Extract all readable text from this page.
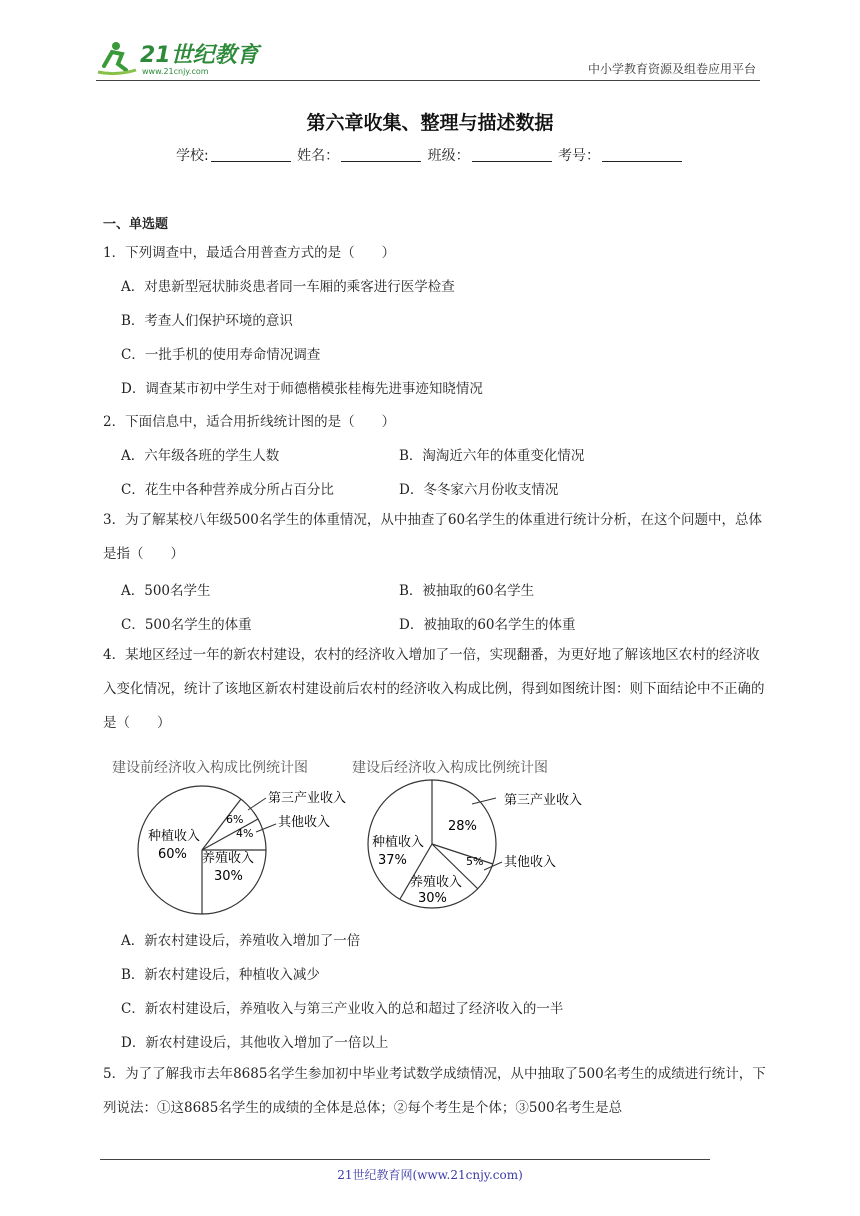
21世纪教育
www.21cnjy.com	中小学教育资源及组卷应用平台
第六章收集、整理与描述数据
学校:	姓名：	班级：	考号：
一、单选题
1．下列调查中，最适合用普查方式的是（　　）
A．对患新型冠状肺炎患者同一车厢的乘客进行医学检查
B．考查人们保护环境的意识
C．一批手机的使用寿命情况调查
D．调查某市初中学生对于师德楷模张桂梅先进事迹知晓情况
2．下面信息中，适合用折线统计图的是（　　）
A．六年级各班的学生人数	B．淘淘近六年的体重变化情况
C．花生中各种营养成分所占百分比	D．冬冬家六月份收支情况
3．为了解某校八年级500名学生的体重情况，从中抽查了60名学生的体重进行统计分析，在这个问题中，总体是指（　　）
A．500名学生	B．被抽取的60名学生
C．500名学生的体重	D．被抽取的60名学生的体重
4．某地区经过一年的新农村建设，农村的经济收入增加了一倍，实现翻番，为更好地了解该地区农村的经济收入变化情况，统计了该地区新农村建设前后农村的经济收入构成比例，得到如图统计图：则下面结论中不正确的是（　　）
建设前经济收入构成比例统计图	建设后经济收入构成比例统计图
种植收入
60% 养殖收入
30%
6%
4%
第三产业收入
其他收入	28%
第三产业收入
种植收入
37%	5% 其他收入
养殖收入
30%
A．新农村建设后，养殖收入增加了一倍
B．新农村建设后，种植收入减少
C．新农村建设后，养殖收入与第三产业收入的总和超过了经济收入的一半
D．新农村建设后，其他收入增加了一倍以上
5．为了了解我市去年8685名学生参加初中毕业考试数学成绩情况，从中抽取了500名考生的成绩进行统计，下列说法：①这8685名学生的成绩的全体是总体；②每个考生是个体；③500名考生是总
21世纪教育网(www.21cnjy.com)
